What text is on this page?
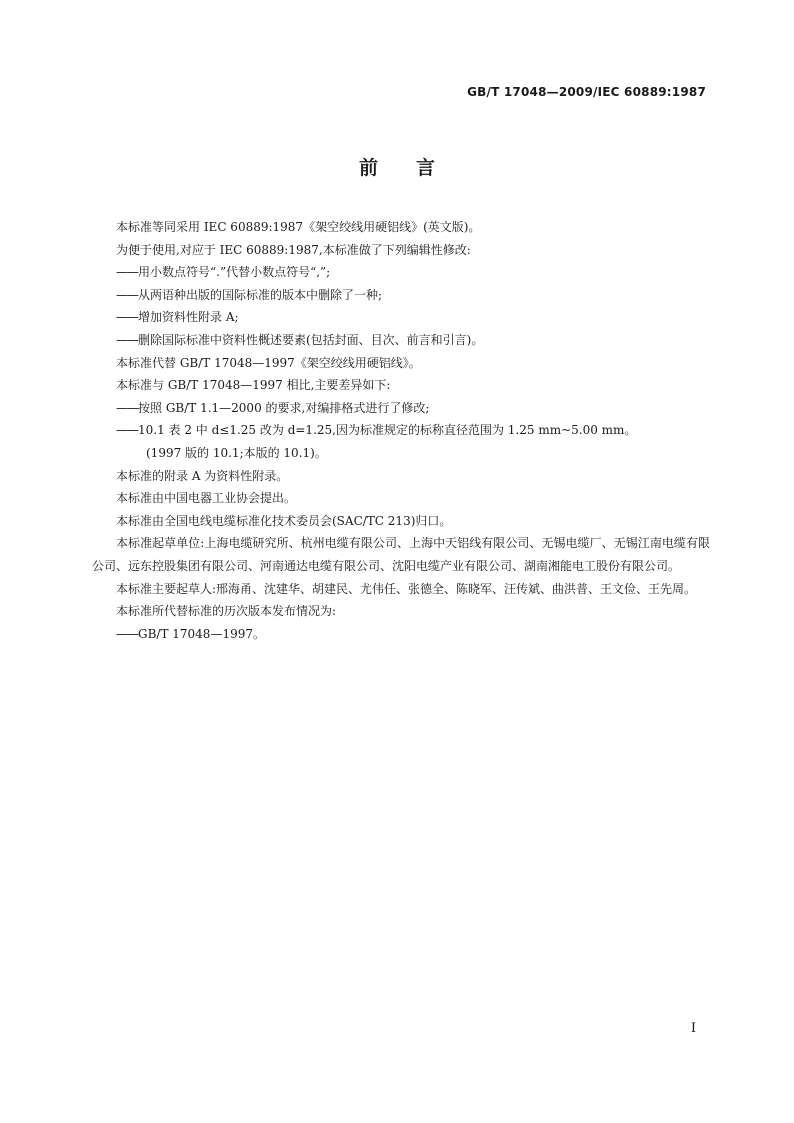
GB/T 17048—2009/IEC 60889:1987
前言

本标准等同采用 IEC 60889:1987《架空绞线用硬铝线》(英文版)。

为便于使用,对应于 IEC 60889:1987,本标准做了下列编辑性修改:

——用小数点符号“.”代替小数点符号“,”;

——从两语种出版的国际标准的版本中删除了一种;

——增加资料性附录 A;

——删除国际标准中资料性概述要素(包括封面、目次、前言和引言)。

本标准代替 GB/T 17048—1997《架空绞线用硬铝线》。

本标准与 GB/T 17048—1997 相比,主要差异如下:

——按照 GB/T 1.1—2000 的要求,对编排格式进行了修改;

——10.1 表 2 中 d≤1.25 改为 d=1.25,因为标准规定的标称直径范围为 1.25 mm~5.00 mm。

(1997 版的 10.1;本版的 10.1)。

本标准的附录 A 为资料性附录。

本标准由中国电器工业协会提出。

本标准由全国电线电缆标准化技术委员会(SAC/TC 213)归口。

本标准起草单位:上海电缆研究所、杭州电缆有限公司、上海中天铝线有限公司、无锡电缆厂、无锡江南电缆有限公司、远东控股集团有限公司、河南通达电缆有限公司、沈阳电缆产业有限公司、湖南湘能电工股份有限公司。

本标准主要起草人:邢海甬、沈建华、胡建民、尤伟任、张德全、陈晓军、汪传斌、曲洪普、王文俭、王先周。

本标准所代替标准的历次版本发布情况为:

——GB/T 17048—1997。

I
